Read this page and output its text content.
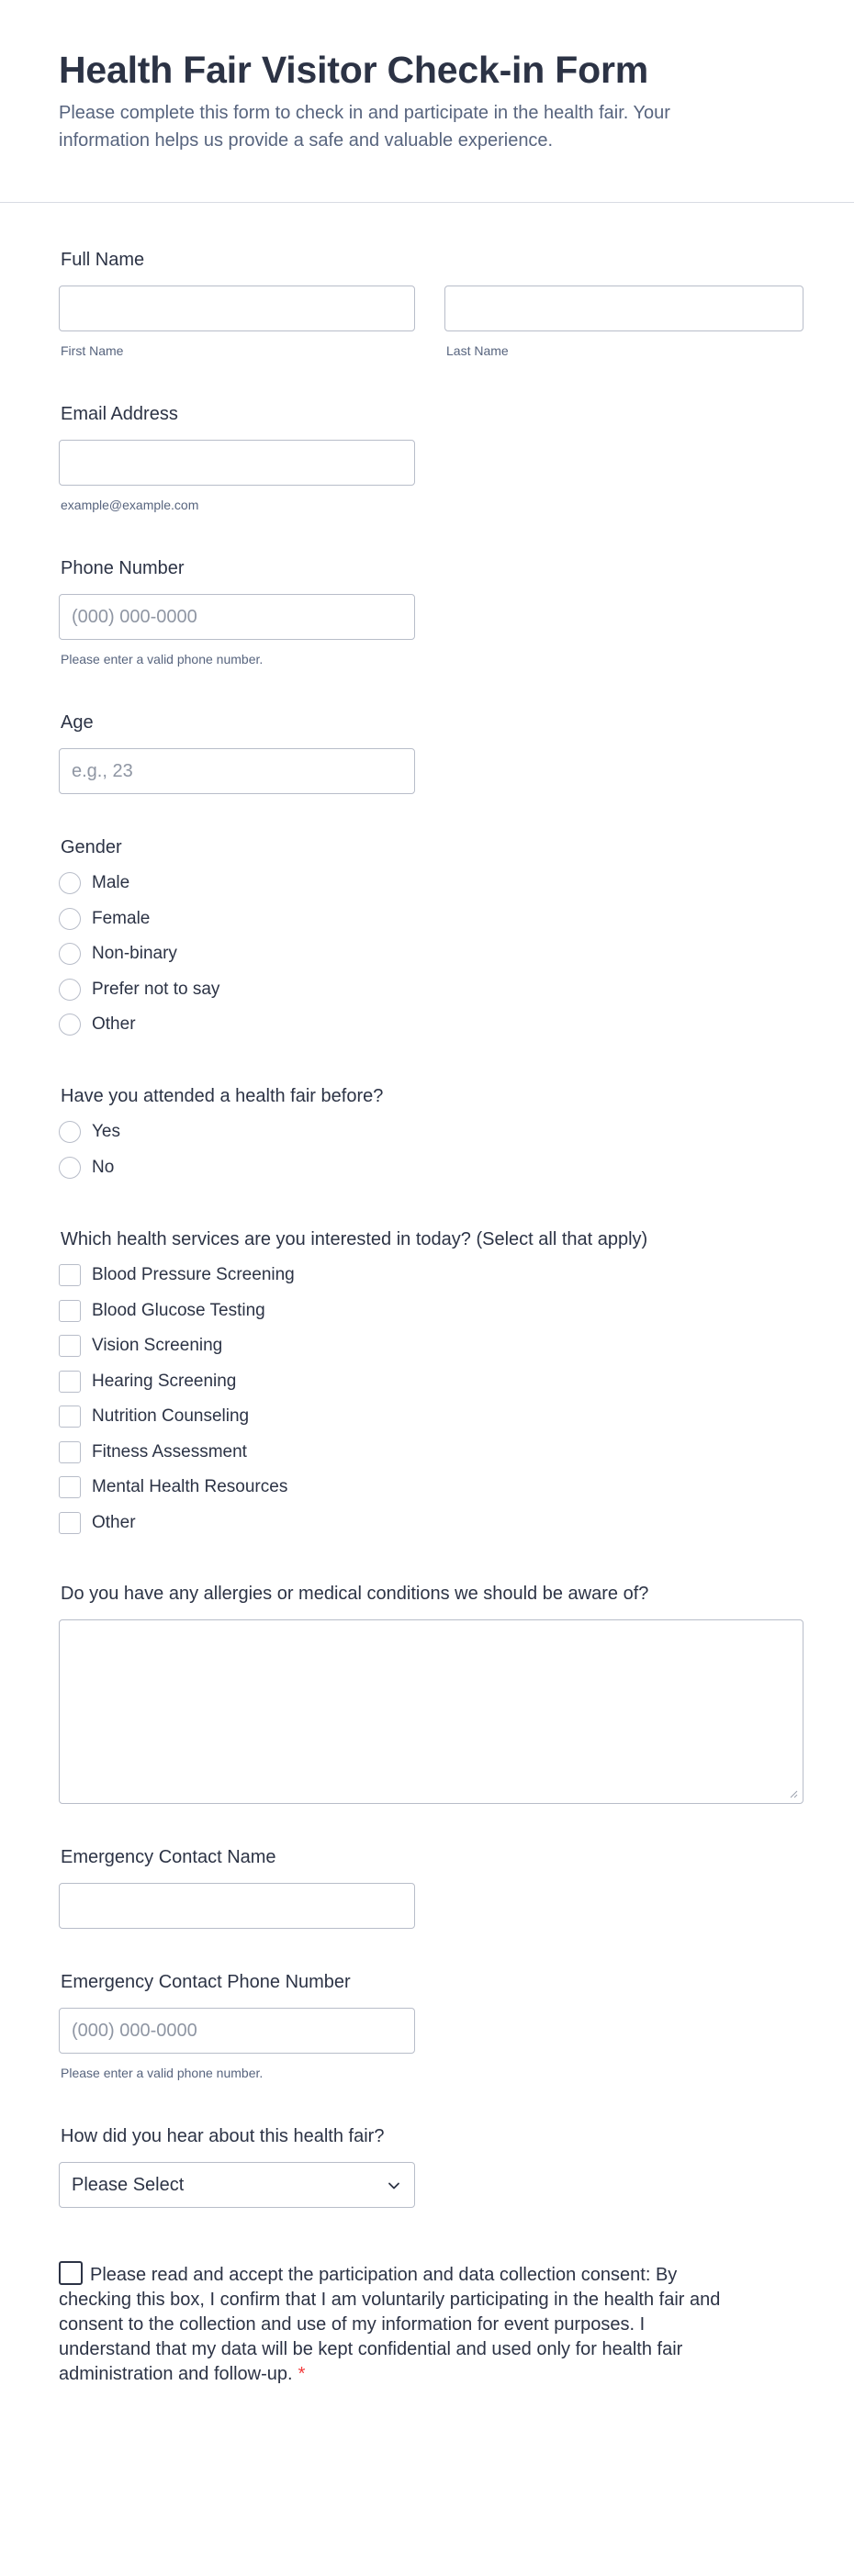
Health Fair Visitor Check-in Form

Please complete this form to check in and participate in the health fair. Your information helps us provide a safe and valuable experience.

Full Name
First Name	Last Name
Email Address
example@example.com
Phone Number
(000) 000-0000
Please enter a valid phone number.
Age
e.g., 23
Gender
Male
Female
Non-binary
Prefer not to say
Other
Have you attended a health fair before?
Yes
No
Which health services are you interested in today? (Select all that apply)
Blood Pressure Screening
Blood Glucose Testing
Vision Screening
Hearing Screening
Nutrition Counseling
Fitness Assessment
Mental Health Resources
Other
Do you have any allergies or medical conditions we should be aware of?
Emergency Contact Name
Emergency Contact Phone Number
(000) 000-0000
Please enter a valid phone number.
How did you hear about this health fair?
Please Select
Please read and accept the participation and data collection consent: By checking this box, I confirm that I am voluntarily participating in the health fair and consent to the collection and use of my information for event purposes. I understand that my data will be kept confidential and used only for health fair administration and follow-up. *
